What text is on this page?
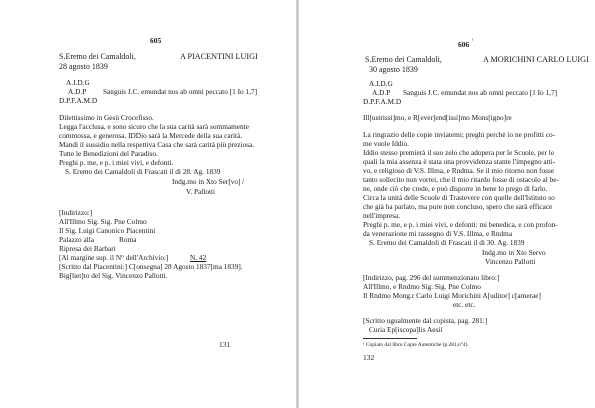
605
S.Eremo dei Camaldoli,	A PIACENTINI LUIGI
28 agosto 1839
A.I.D.G
A.D.P Sanguis J.C. emundat nos ab omni peccato [1 Io 1,7]
D.P.F.A.M.D
Dilettissimo in Gesù Crocefisso.
Legga l'acclusa, e sono sicuro che la sua carità sarà sommamente
commossa, e generosa. IDDio sarà la Mercede della sua carità.
Mandi il sussidio nella respettiva Casa che sarà carità più preziosa.
Tutte le Benedizioni del Paradiso.
Preghi p. me, e p. i miei vivi, e defonti.
S. Eremo dei Camaldoli di Frascati il dì 28. Ag. 1839
Indg.mo in Xto Ser[vo]
V. Pallotti
/
[Indirizzo:]
All'Illmo Sig. Sig. Pne Colmo
Il Sig. Luigi Canonico Piacentini
Palazzo alla	Roma
Ripresa dei Barbari
[Al margine sup. il N° dell'Archivio:]	N. 42
[Scritto dal Piacentini:] C[onsegna] 28 Agosto 1837[ma 1839].
Big[liet]to del Sig. Vincenzo Pallotti.
131
606 ¹
S.Eremo dei Camaldoli,	A MORICHINI CARLO LUIGI
30 agosto 1839
A.I.D.G
A.D.P Sanguis J.C. emundat nos ab omni peccato [1 Io 1,7]
D.P.F.A.M.D
Ill[ustrissi]mo, e R[ever]end[issi]mo Mons[igno]re
La ringrazio delle copie inviatemi; preghi perchè io ne profitti co-
me vuole Iddio.
Iddio stesso premierà il suo zelo che adopera per le Scuole, per le
quali la mia assenza è stata una provvidenza stante l'impegno atti-
vo, e religioso di V.S. Illma, e Rndma. Se il mio ritorno non fosse
tanto sollecito non vorrei, che il mio ritardo fosse di ostacolo al be-
ne, onde ciò che crede, e può disporre in bene lo prego di farlo.
Circa la unità delle Scuole di Trastevere con quelle dell'Istituto so
che già ha parlato, ma pure non concluso, spero che sarà efficace
nell'impresa.
Preghi p. me, e p. i miei vivi, e defonti: mi benedica, e con profon-
da venerazione mi rassegno di V.S. Illma, e Rndma
S. Eremo dei Camaldoli di Frascati il di 30. Ag. 1839
Indg.mo in Xto Servo
Vincenzo Pallotti
[Indirizzo, pag. 296 del summenzionato libro:]
All'Illmo, e Rndmo Sig. Sig. Pne Colmo
Il Rndmo Mong.r Carlo Luigi Morichini A[uditor] c[amerae]
etc. etc.
[Scritto ugualmente dal copista, pag. 281:]
Curia Ep[iscopa]lis Aesii
¹ Copiato dal libro Copie Autentiche (p.281,n°4).
132
